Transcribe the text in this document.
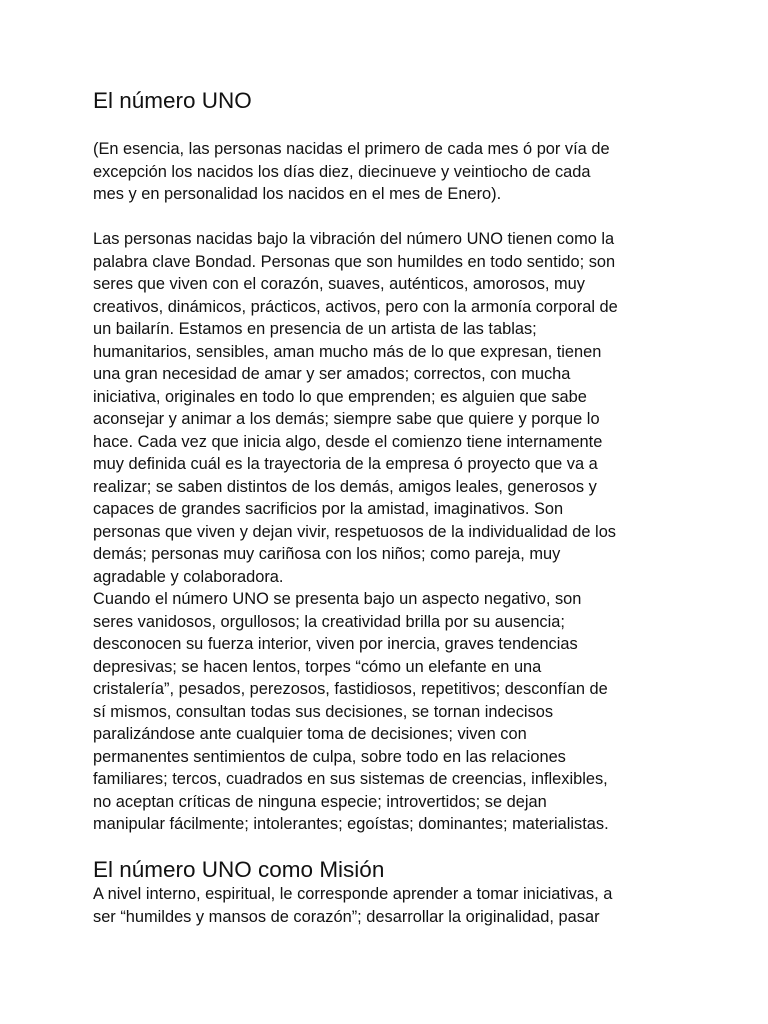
El número UNO
(En esencia, las personas nacidas el primero de cada mes ó por vía de
excepción los nacidos los días diez, diecinueve y veintiocho de cada
mes y en personalidad los nacidos en el mes de Enero).
Las personas nacidas bajo la vibración del número UNO tienen como la
palabra clave Bondad. Personas que son humildes en todo sentido; son
seres que viven con el corazón, suaves, auténticos, amorosos, muy
creativos, dinámicos, prácticos, activos, pero con la armonía corporal de
un bailarín. Estamos en presencia de un artista de las tablas;
humanitarios, sensibles, aman mucho más de lo que expresan, tienen
una gran necesidad de amar y ser amados; correctos, con mucha
iniciativa, originales en todo lo que emprenden; es alguien que sabe
aconsejar y animar a los demás; siempre sabe que quiere y porque lo
hace. Cada vez que inicia algo, desde el comienzo tiene internamente
muy definida cuál es la trayectoria de la empresa ó proyecto que va a
realizar; se saben distintos de los demás, amigos leales, generosos y
capaces de grandes sacrificios por la amistad, imaginativos. Son
personas que viven y dejan vivir, respetuosos de la individualidad de los
demás; personas muy cariñosa con los niños; como pareja, muy
agradable y colaboradora.
Cuando el número UNO se presenta bajo un aspecto negativo, son
seres vanidosos, orgullosos; la creatividad brilla por su ausencia;
desconocen su fuerza interior, viven por inercia, graves tendencias
depresivas; se hacen lentos, torpes “cómo un elefante en una
cristalería”, pesados, perezosos, fastidiosos, repetitivos; desconfían de
sí mismos, consultan todas sus decisiones, se tornan indecisos
paralizándose ante cualquier toma de decisiones; viven con
permanentes sentimientos de culpa, sobre todo en las relaciones
familiares; tercos, cuadrados en sus sistemas de creencias, inflexibles,
no aceptan críticas de ninguna especie; introvertidos; se dejan
manipular fácilmente; intolerantes; egoístas; dominantes; materialistas.
El número UNO como Misión
A nivel interno, espiritual, le corresponde aprender a tomar iniciativas, a
ser “humildes y mansos de corazón”; desarrollar la originalidad, pasar
